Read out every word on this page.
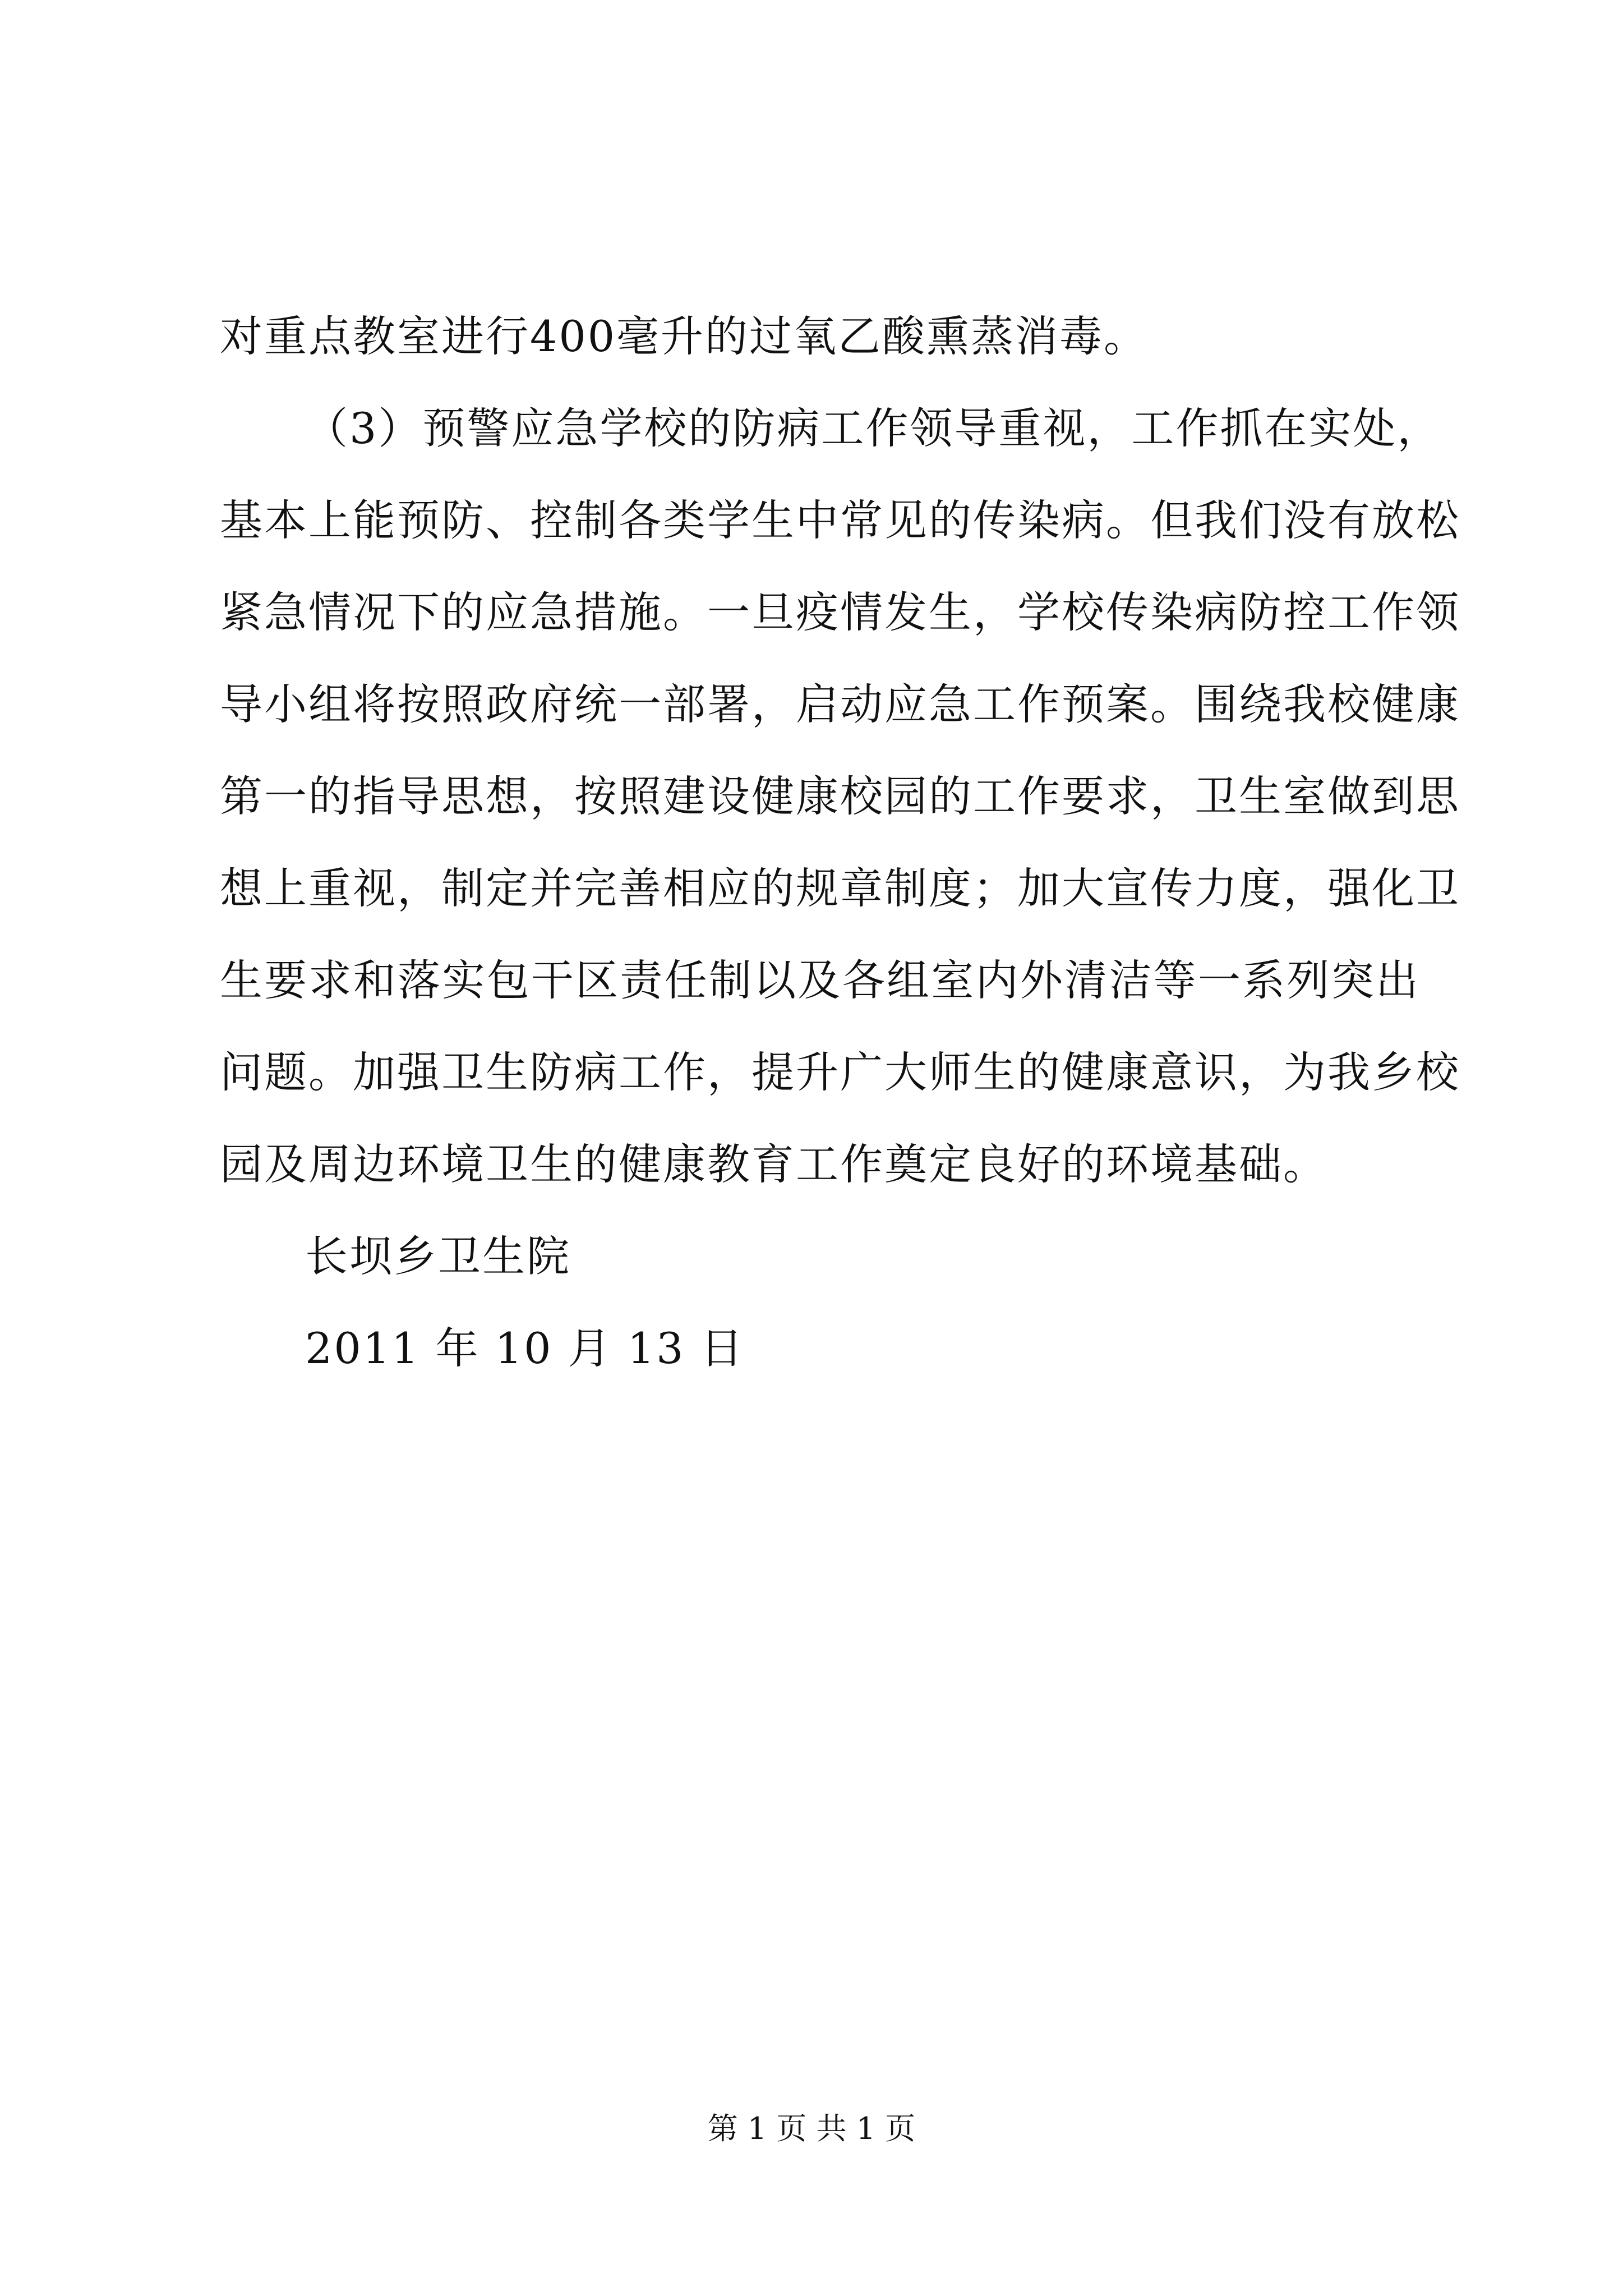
对重点教室进行400毫升的过氧乙酸熏蒸消毒。
（3）预警应急学校的防病工作领导重视，工作抓在实处，
基本上能预防、控制各类学生中常见的传染病。但我们没有放松
紧急情况下的应急措施。一旦疫情发生，学校传染病防控工作领
导小组将按照政府统一部署，启动应急工作预案。围绕我校健康
第一的指导思想，按照建设健康校园的工作要求，卫生室做到思
想上重视，制定并完善相应的规章制度；加大宣传力度，强化卫
生要求和落实包干区责任制以及各组室内外清洁等一系列突出
问题。加强卫生防病工作，提升广大师生的健康意识，为我乡校
园及周边环境卫生的健康教育工作奠定良好的环境基础。
长坝乡卫生院
2011 年 10 月 13 日
第 1 页 共 1 页
